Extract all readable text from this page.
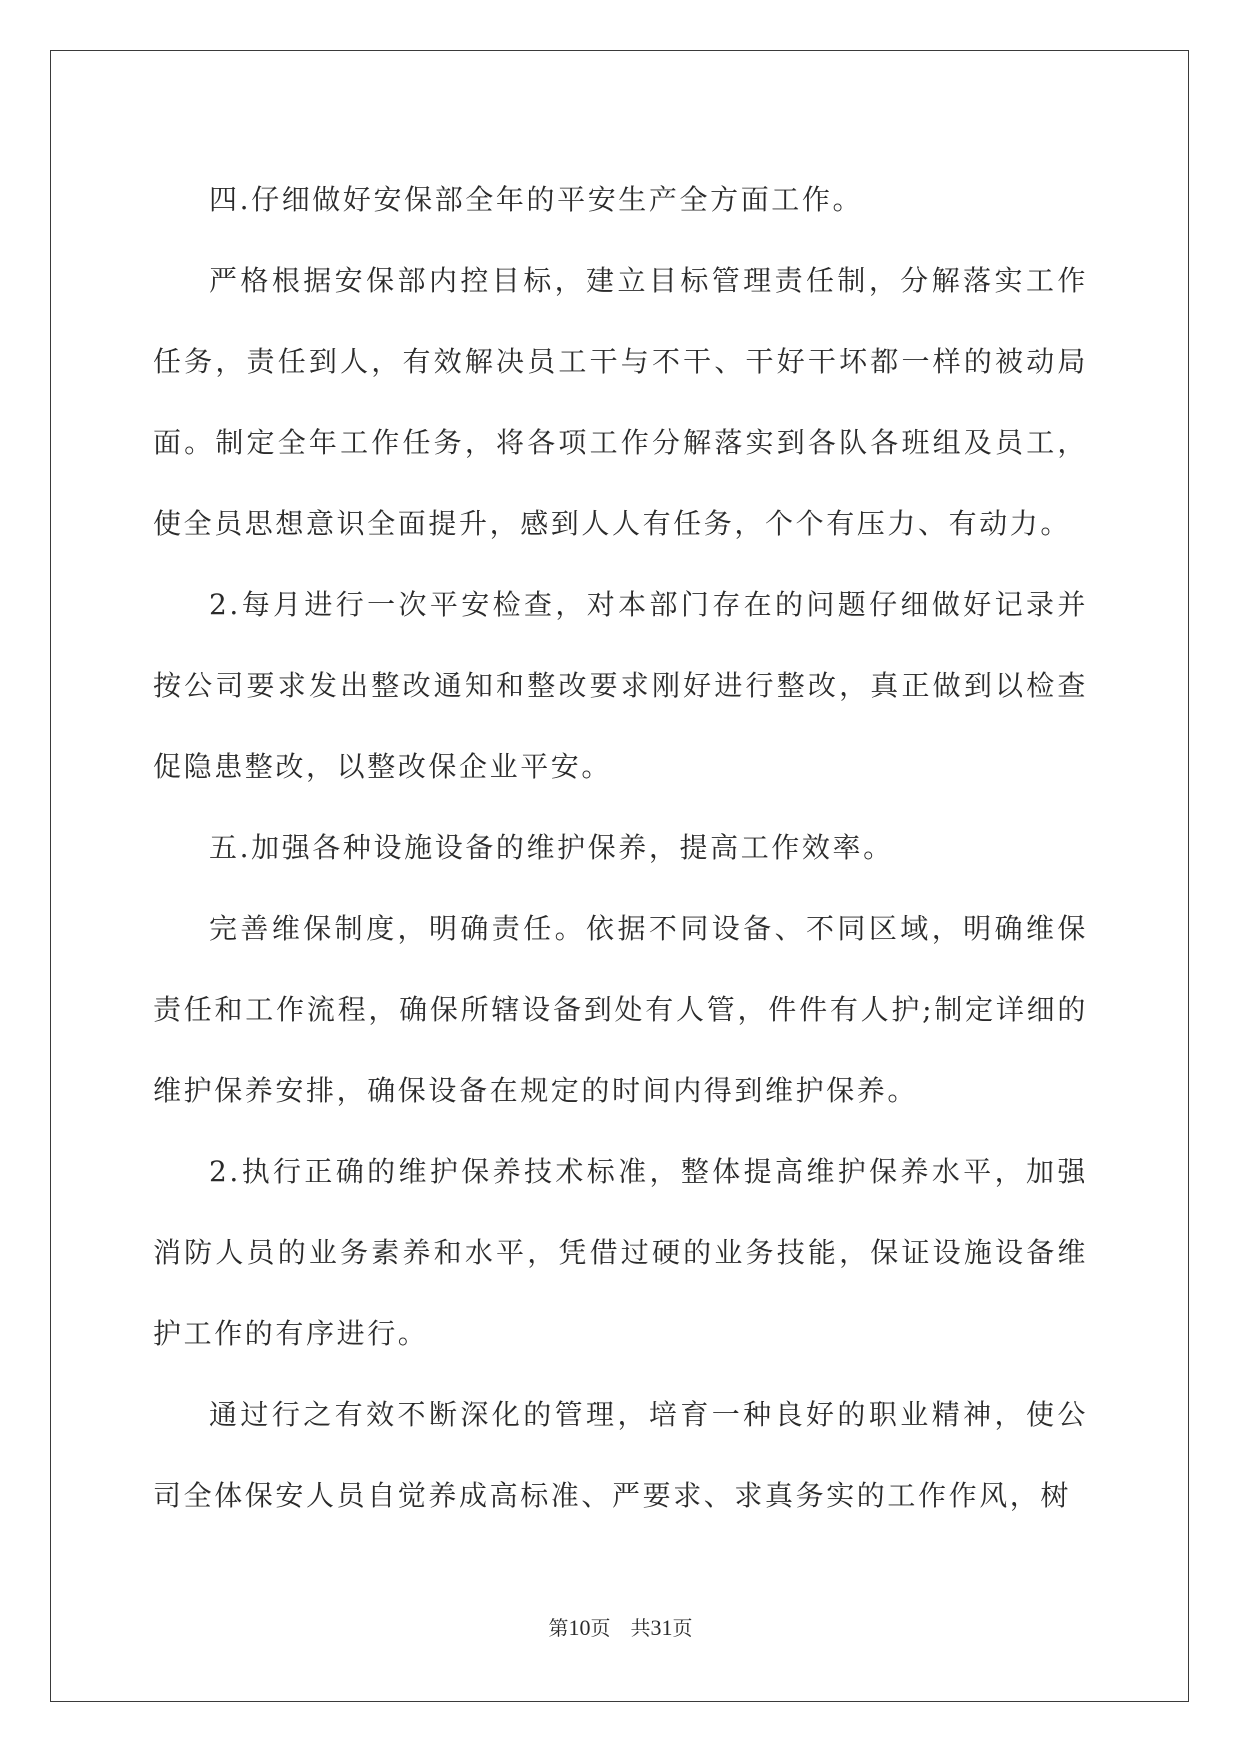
四.仔细做好安保部全年的平安生产全方面工作。

严格根据安保部内控目标，建立目标管理责任制，分解落实工作任务，责任到人，有效解决员工干与不干、干好干坏都一样的被动局面。制定全年工作任务，将各项工作分解落实到各队各班组及员工，使全员思想意识全面提升，感到人人有任务，个个有压力、有动力。

2.每月进行一次平安检查，对本部门存在的问题仔细做好记录并按公司要求发出整改通知和整改要求刚好进行整改，真正做到以检查促隐患整改，以整改保企业平安。

五.加强各种设施设备的维护保养，提高工作效率。

完善维保制度，明确责任。依据不同设备、不同区域，明确维保责任和工作流程，确保所辖设备到处有人管，件件有人护;制定详细的维护保养安排，确保设备在规定的时间内得到维护保养。

2.执行正确的维护保养技术标准，整体提高维护保养水平，加强消防人员的业务素养和水平，凭借过硬的业务技能，保证设施设备维护工作的有序进行。

通过行之有效不断深化的管理，培育一种良好的职业精神，使公司全体保安人员自觉养成高标准、严要求、求真务实的工作作风，树

第10页 共31页
